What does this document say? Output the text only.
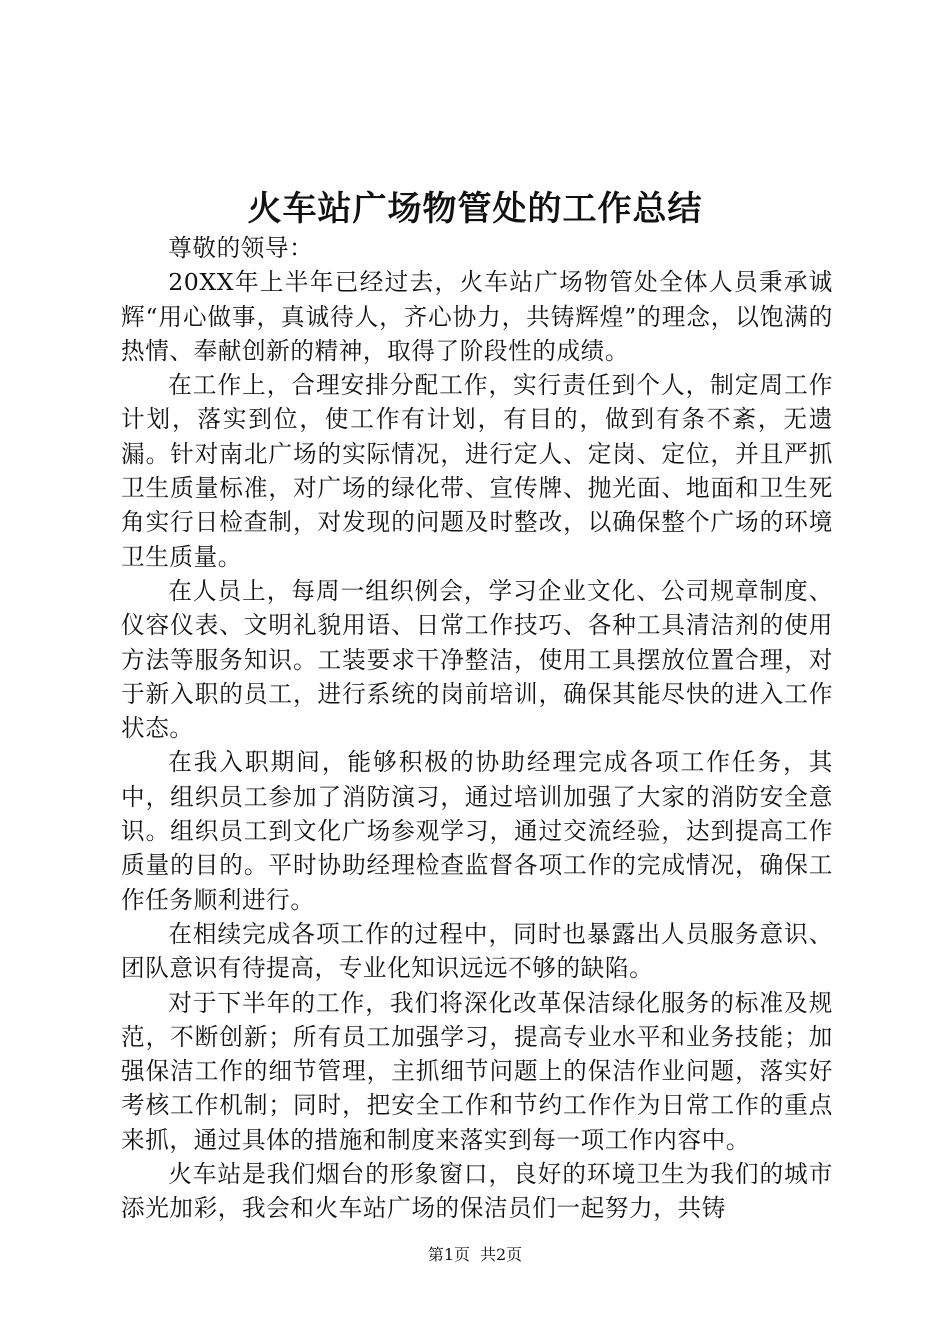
火车站广场物管处的工作总结

尊敬的领导：

20XX年上半年已经过去，火车站广场物管处全体人员秉承诚辉“用心做事，真诚待人，齐心协力，共铸辉煌”的理念，以饱满的热情、奉献创新的精神，取得了阶段性的成绩。

在工作上，合理安排分配工作，实行责任到个人，制定周工作计划，落实到位，使工作有计划，有目的，做到有条不紊，无遗漏。针对南北广场的实际情况，进行定人、定岗、定位，并且严抓卫生质量标准，对广场的绿化带、宣传牌、抛光面、地面和卫生死角实行日检查制，对发现的问题及时整改，以确保整个广场的环境卫生质量。

在人员上，每周一组织例会，学习企业文化、公司规章制度、仪容仪表、文明礼貌用语、日常工作技巧、各种工具清洁剂的使用方法等服务知识。工装要求干净整洁，使用工具摆放位置合理，对于新入职的员工，进行系统的岗前培训，确保其能尽快的进入工作状态。

在我入职期间，能够积极的协助经理完成各项工作任务，其中，组织员工参加了消防演习，通过培训加强了大家的消防安全意识。组织员工到文化广场参观学习，通过交流经验，达到提高工作质量的目的。平时协助经理检查监督各项工作的完成情况，确保工作任务顺利进行。

在相续完成各项工作的过程中，同时也暴露出人员服务意识、团队意识有待提高，专业化知识远远不够的缺陷。

对于下半年的工作，我们将深化改革保洁绿化服务的标准及规范，不断创新；所有员工加强学习，提高专业水平和业务技能；加强保洁工作的细节管理，主抓细节问题上的保洁作业问题，落实好考核工作机制；同时，把安全工作和节约工作作为日常工作的重点来抓，通过具体的措施和制度来落实到每一项工作内容中。

火车站是我们烟台的形象窗口，良好的环境卫生为我们的城市添光加彩，我会和火车站广场的保洁员们一起努力，共铸

第1页 共2页
